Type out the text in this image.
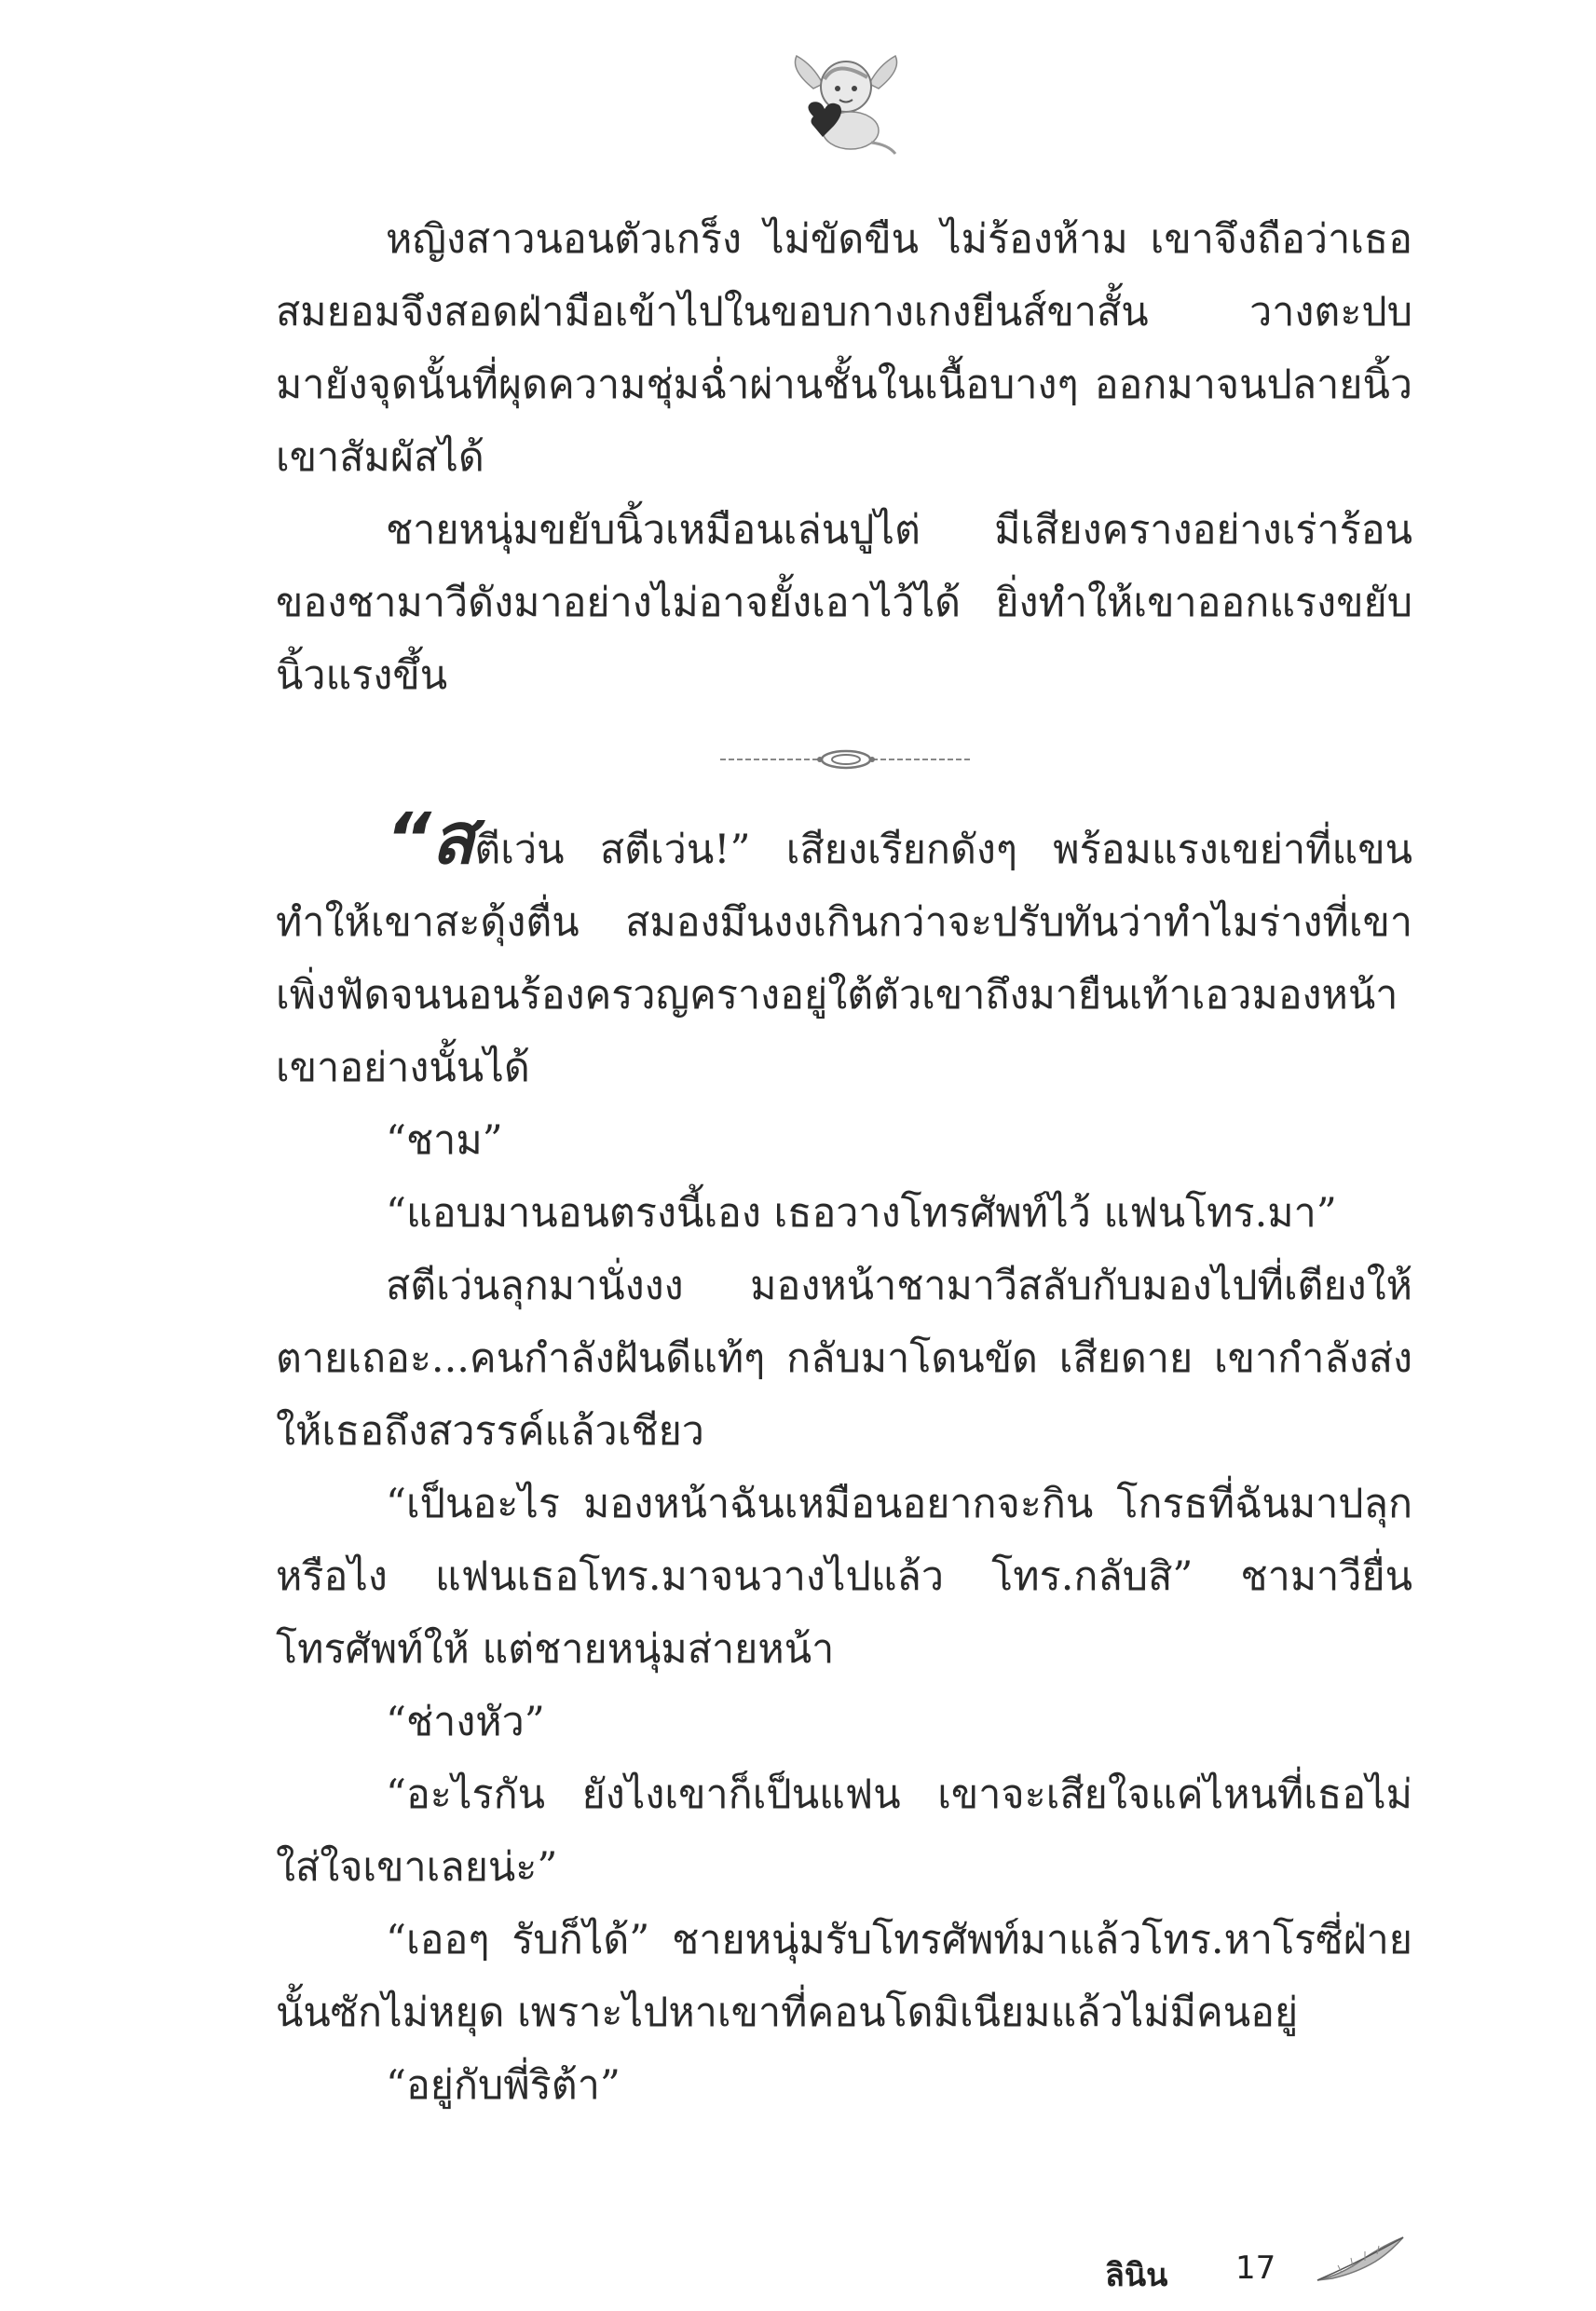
หญิงสาวนอนตัวเกร็ง ไม่ขัดขืน ไม่ร้องห้าม เขาจึงถือว่าเธอสมยอมจึงสอดฝ่ามือเข้าไปในขอบกางเกงยีนส์ขาสั้น วางตะปบมายังจุดนั้นที่ผุดความชุ่มฉ่ำผ่านชั้นในเนื้อบางๆ ออกมาจนปลายนิ้วเขาสัมผัสได้

ชายหนุ่มขยับนิ้วเหมือนเล่นปูไต่ มีเสียงครางอย่างเร่าร้อนของชามาวีดังมาอย่างไม่อาจยั้งเอาไว้ได้ ยิ่งทำให้เขาออกแรงขยับนิ้วแรงขึ้น

“สตีเว่น สตีเว่น!” เสียงเรียกดังๆ พร้อมแรงเขย่าที่แขนทำให้เขาสะดุ้งตื่น สมองมึนงงเกินกว่าจะปรับทันว่าทำไมร่างที่เขาเพิ่งฟัดจนนอนร้องครวญครางอยู่ใต้ตัวเขาถึงมายืนเท้าเอวมองหน้าเขาอย่างนั้นได้

“ชาม”

“แอบมานอนตรงนี้เอง เธอวางโทรศัพท์ไว้ แฟนโทร.มา”

สตีเว่นลุกมานั่งงง มองหน้าชามาวีสลับกับมองไปที่เตียงให้ตายเถอะ...คนกำลังฝันดีแท้ๆ กลับมาโดนขัด เสียดาย เขากำลังส่งให้เธอถึงสวรรค์แล้วเชียว

“เป็นอะไร มองหน้าฉันเหมือนอยากจะกิน โกรธที่ฉันมาปลุกหรือไง แฟนเธอโทร.มาจนวางไปแล้ว โทร.กลับสิ” ชามาวียื่นโทรศัพท์ให้ แต่ชายหนุ่มส่ายหน้า

“ช่างหัว”

“อะไรกัน ยังไงเขาก็เป็นแฟน เขาจะเสียใจแค่ไหนที่เธอไม่ใส่ใจเขาเลยน่ะ”

“เออๆ รับก็ได้” ชายหนุ่มรับโทรศัพท์มาแล้วโทร.หาโรซี่ฝ่ายนั้นซักไม่หยุด เพราะไปหาเขาที่คอนโดมิเนียมแล้วไม่มีคนอยู่

“อยู่กับพี่ริต้า”

ลินิน 17
